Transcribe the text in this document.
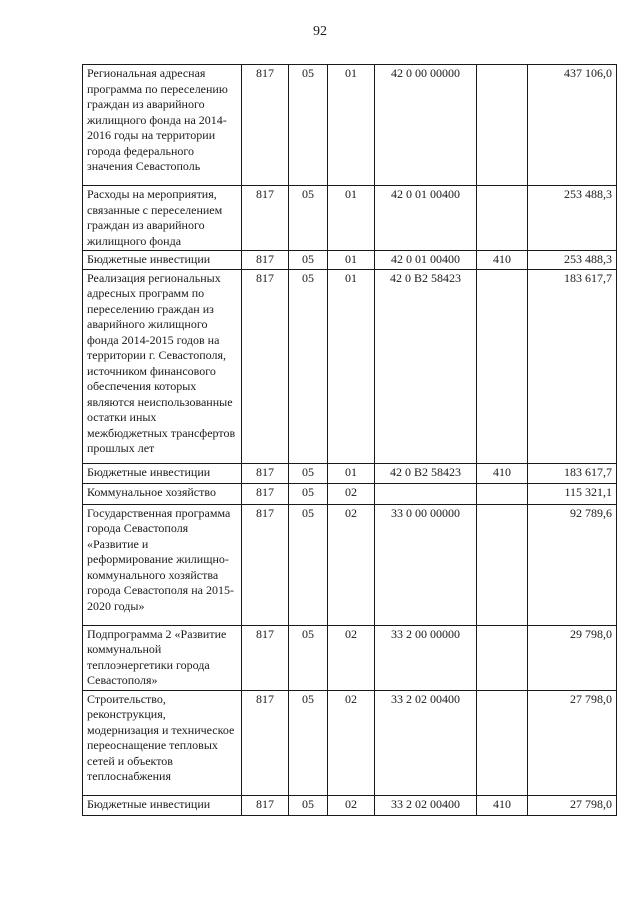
92
Региональная адресная программа по переселению граждан из аварийного жилищного фонда на 2014-2016 годы на территории города федерального значения Севастополь	817	05	01	42 0 00 00000		437 106,0
Расходы на мероприятия, связанные с переселением граждан из аварийного жилищного фонда	817	05	01	42 0 01 00400		253 488,3
Бюджетные инвестиции	817	05	01	42 0 01 00400	410	253 488,3
Реализация региональных адресных программ по переселению граждан из аварийного жилищного фонда 2014-2015 годов на территории г. Севастополя, источником финансового обеспечения которых являются неиспользованные остатки иных межбюджетных трансфертов прошлых лет	817	05	01	42 0 В2 58423		183 617,7
Бюджетные инвестиции	817	05	01	42 0 В2 58423	410	183 617,7
Коммунальное хозяйство	817	05	02			115 321,1
Государственная программа города Севастополя «Развитие и реформирование жилищно-коммунального хозяйства города Севастополя на 2015-2020 годы»	817	05	02	33 0 00 00000		92 789,6
Подпрограмма 2 «Развитие коммунальной теплоэнергетики города Севастополя»	817	05	02	33 2 00 00000		29 798,0
Строительство, реконструкция, модернизация и техническое переоснащение тепловых сетей и объектов теплоснабжения	817	05	02	33 2 02 00400		27 798,0
Бюджетные инвестиции	817	05	02	33 2 02 00400	410	27 798,0
